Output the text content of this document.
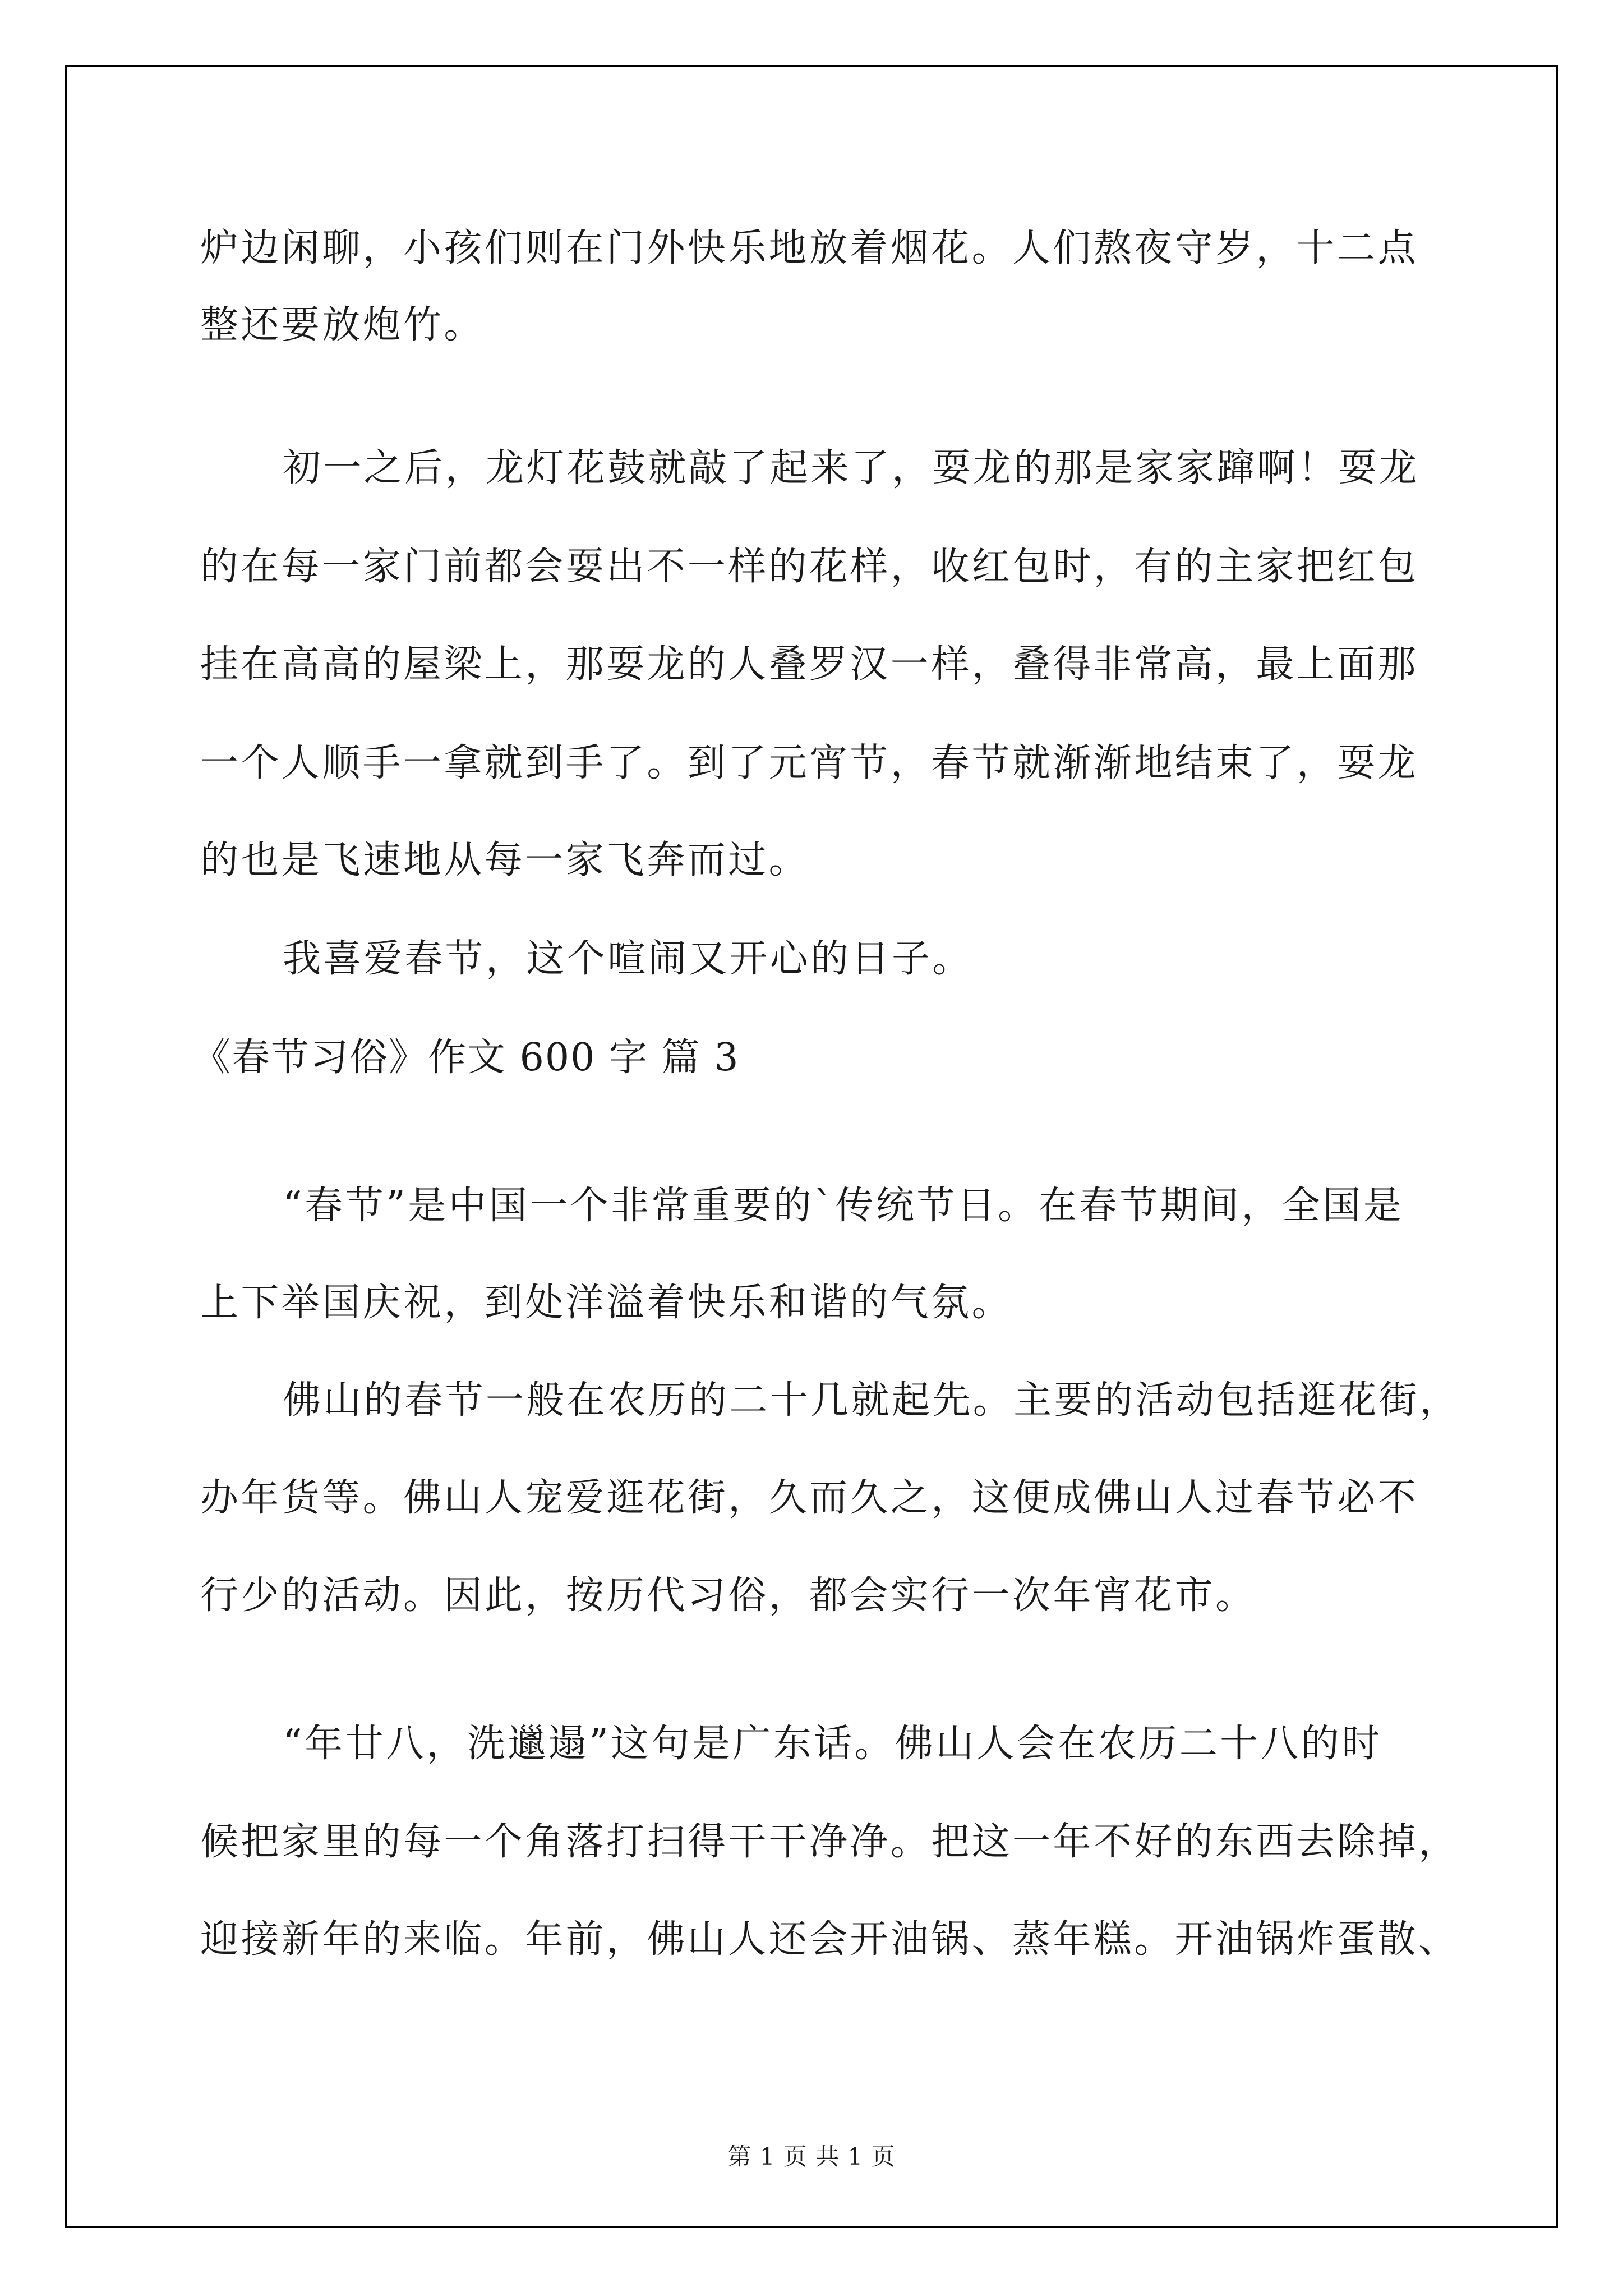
炉边闲聊，小孩们则在门外快乐地放着烟花。人们熬夜守岁，十二点
整还要放炮竹。
初一之后，龙灯花鼓就敲了起来了，耍龙的那是家家蹿啊！耍龙
的在每一家门前都会耍出不一样的花样，收红包时，有的主家把红包
挂在高高的屋梁上，那耍龙的人叠罗汉一样，叠得非常高，最上面那
一个人顺手一拿就到手了。到了元宵节，春节就渐渐地结束了，耍龙
的也是飞速地从每一家飞奔而过。
我喜爱春节，这个喧闹又开心的日子。
《春节习俗》作文 600 字 篇 3
“春节”是中国一个非常重要的`传统节日。在春节期间，全国是
上下举国庆祝，到处洋溢着快乐和谐的气氛。
佛山的春节一般在农历的二十几就起先。主要的活动包括逛花街，
办年货等。佛山人宠爱逛花街，久而久之，这便成佛山人过春节必不
行少的活动。因此，按历代习俗，都会实行一次年宵花市。
“年廿八，洗邋遢”这句是广东话。佛山人会在农历二十八的时
候把家里的每一个角落打扫得干干净净。把这一年不好的东西去除掉，
迎接新年的来临。年前，佛山人还会开油锅、蒸年糕。开油锅炸蛋散、
第 1 页 共 1 页
